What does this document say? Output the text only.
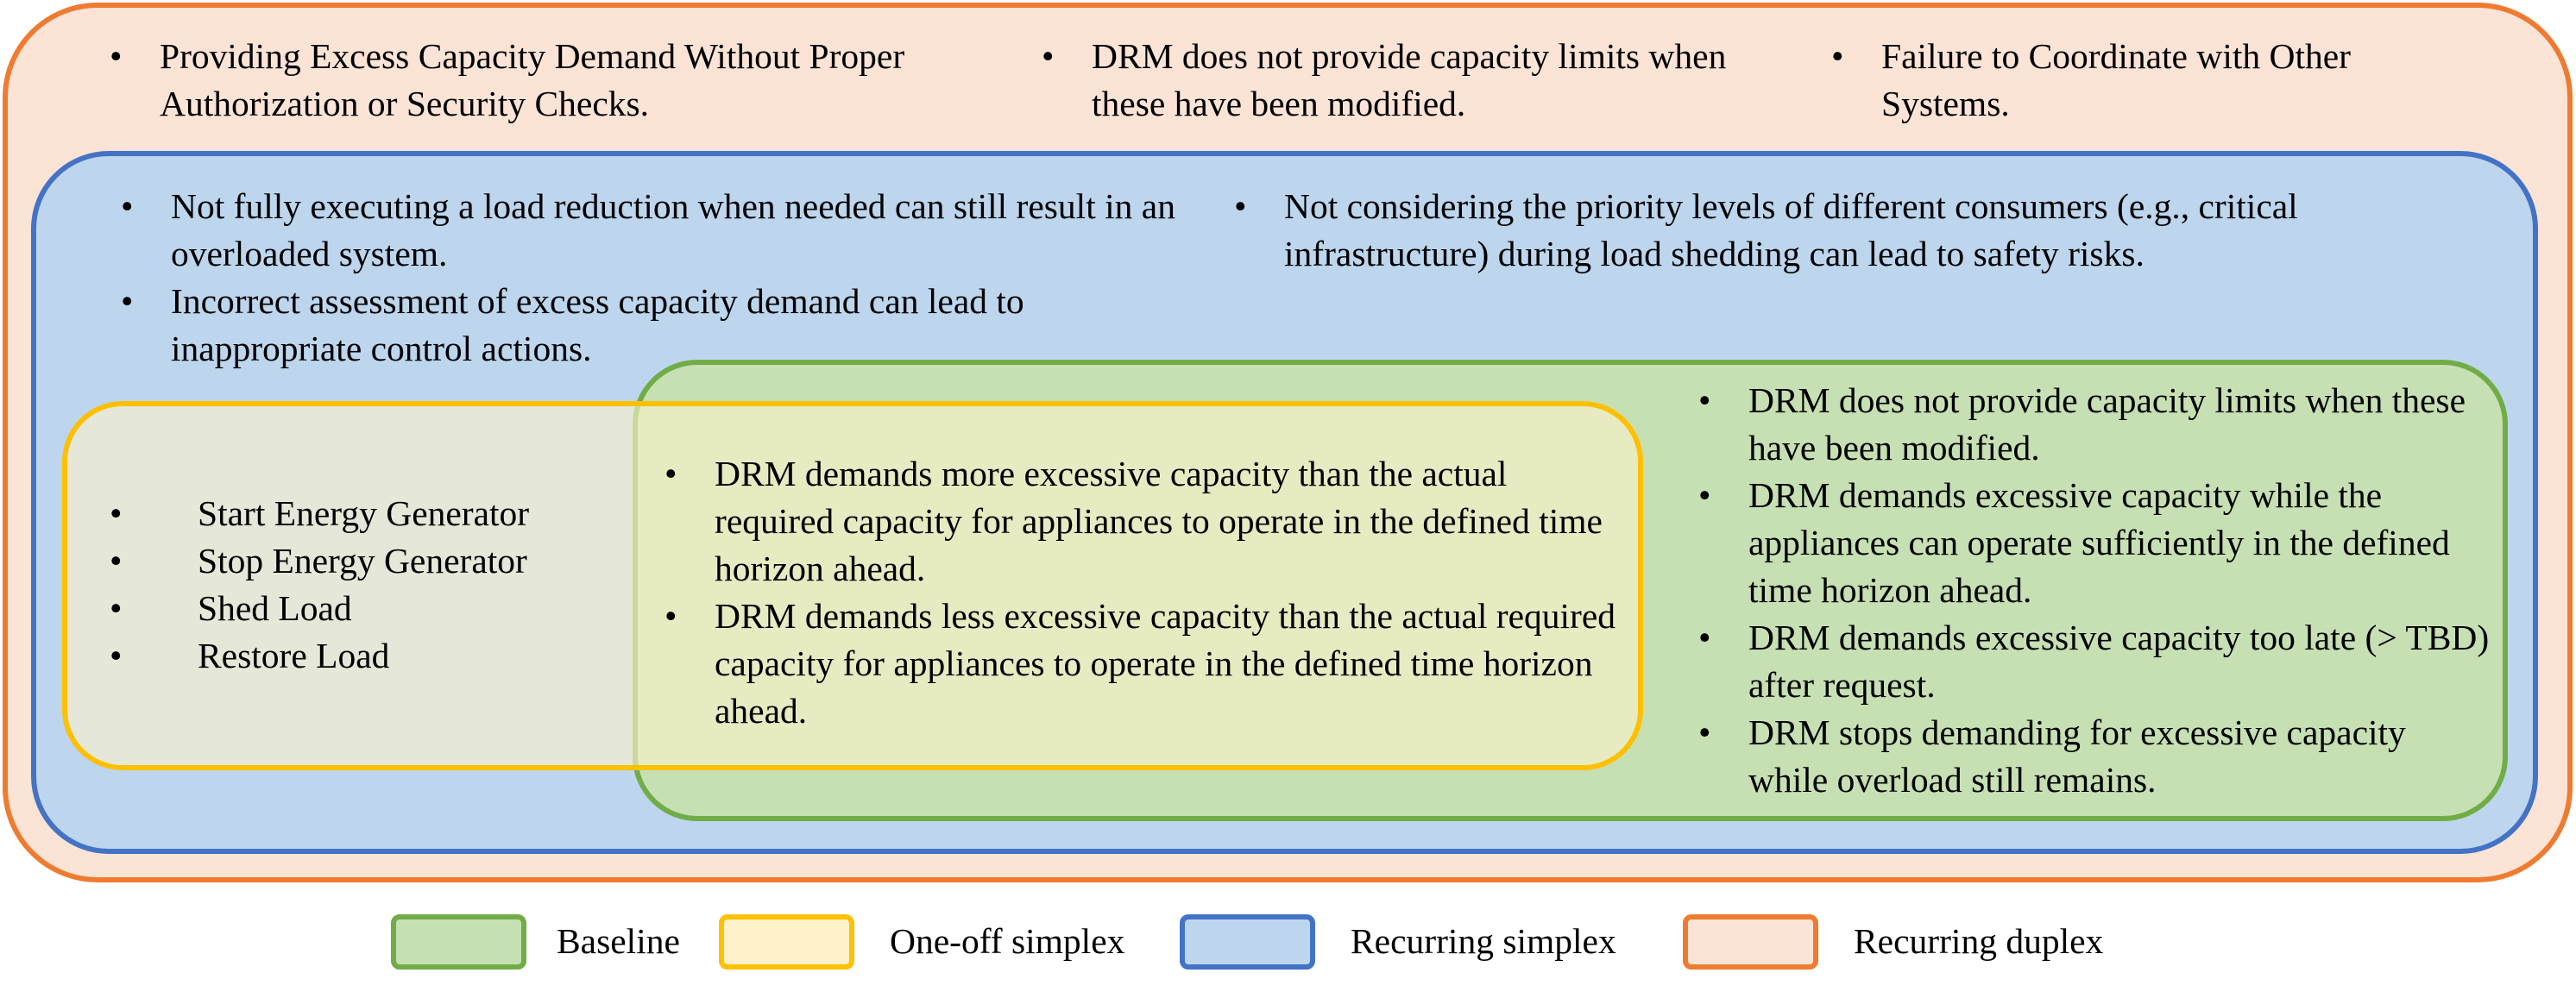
• Providing Excess Capacity Demand Without Proper Authorization or Security Checks.
• DRM does not provide capacity limits when these have been modified.
• Failure to Coordinate with Other Systems.
• Not fully executing a load reduction when needed can still result in an overloaded system.
• Incorrect assessment of excess capacity demand can lead to inappropriate control actions.
• Not considering the priority levels of different consumers (e.g., critical infrastructure) during load shedding can lead to safety risks.
• Start Energy Generator
• Stop Energy Generator
• Shed Load
• Restore Load
• DRM demands more excessive capacity than the actual required capacity for appliances to operate in the defined time horizon ahead.
• DRM demands less excessive capacity than the actual required capacity for appliances to operate in the defined time horizon ahead.
• DRM does not provide capacity limits when these have been modified.
• DRM demands excessive capacity while the appliances can operate sufficiently in the defined time horizon ahead.
• DRM demands excessive capacity too late (> TBD) after request.
• DRM stops demanding for excessive capacity while overload still remains.
Baseline	One-off simplex	Recurring simplex	Recurring duplex
